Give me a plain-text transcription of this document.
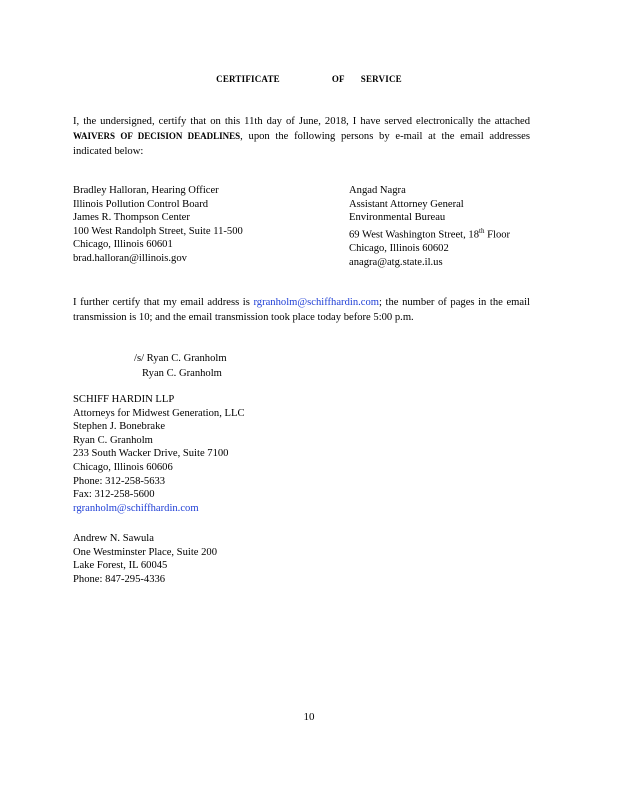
CERTIFICATE	OF SERVICE
I, the undersigned, certify that on this 11th day of June, 2018, I have served electronically the attached WAIVERS OF DECISION DEADLINES, upon the following persons by e-mail at the email addresses indicated below:
Bradley Halloran, Hearing Officer
Illinois Pollution Control Board
James R. Thompson Center
100 West Randolph Street, Suite 11-500
Chicago, Illinois 60601
brad.halloran@illinois.gov
Angad Nagra
Assistant Attorney General
Environmental Bureau
69 West Washington Street, 18th Floor
Chicago, Illinois 60602
anagra@atg.state.il.us
I further certify that my email address is rgranholm@schiffhardin.com; the number of pages in the email transmission is 10; and the email transmission took place today before 5:00 p.m.
/s/ Ryan C. Granholm
Ryan C. Granholm
SCHIFF HARDIN LLP
Attorneys for Midwest Generation, LLC
Stephen J. Bonebrake
Ryan C. Granholm
233 South Wacker Drive, Suite 7100
Chicago, Illinois 60606
Phone: 312-258-5633
Fax: 312-258-5600
rgranholm@schiffhardin.com
Andrew N. Sawula
One Westminster Place, Suite 200
Lake Forest, IL 60045
Phone: 847-295-4336
10
